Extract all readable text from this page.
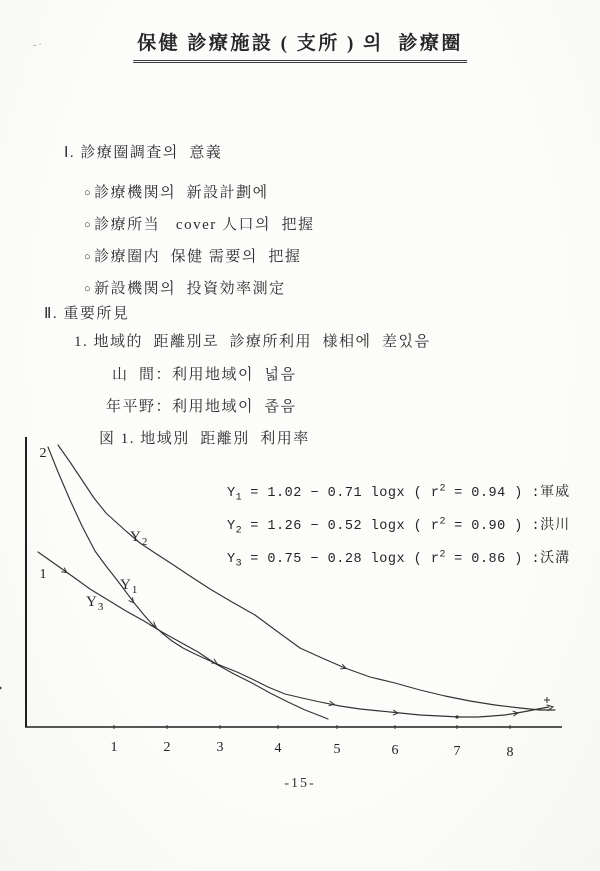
-·	保健 診療施設 ( 支所 ) 의  診療圈
Ⅰ. 診療圈調査의  意義
○ 診療機関의  新設計劃에
○ 診療所当   cover 人口의  把握
○ 診療圈内  保健 需要의  把握
○ 新設機関의  投資効率測定
Ⅱ. 重要所見
1. 地域的  距離別로  診療所利用  様相에  差있음
山  間：利用地域이  넓음
年平野：利用地域이  좁음
図 1. 地域別  距離別  利用率
$Y_1 = 1.02 - 0.71$ logx ( $r^2 = 0.94$ ) :軍威
$Y_2 = 1.26 - 0.52$ logx ( $r^2 = 0.90$ ) :洪川
$Y_3 = 0.75 - 0.28$ logx ( $r^2 = 0.86$ ) :沃溝
1	2	3	4	5	6	7	8
2
1
$Y_2$
$Y_1$
$Y_3$
-15-
